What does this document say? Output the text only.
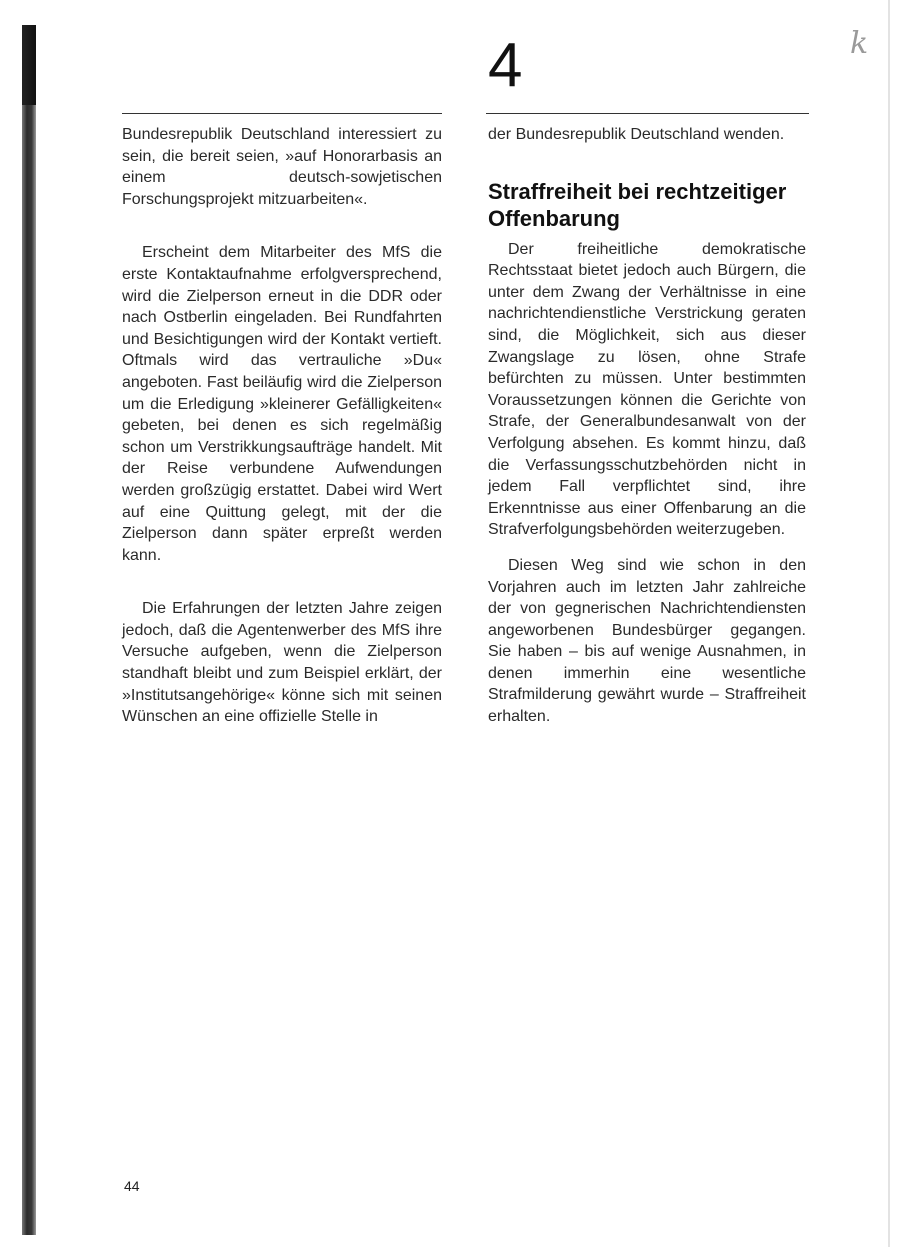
4	k

Bundesrepublik Deutschland interessiert zu sein, die bereit seien, »auf Honorarbasis an einem deutsch-sowjetischen Forschungsprojekt mitzuarbeiten«.

Erscheint dem Mitarbeiter des MfS die erste Kontaktaufnahme erfolgversprechend, wird die Zielperson erneut in die DDR oder nach Ostberlin eingeladen. Bei Rundfahrten und Besichtigungen wird der Kontakt vertieft. Oftmals wird das vertrauliche »Du« angeboten. Fast beiläufig wird die Zielperson um die Erledigung »kleinerer Gefälligkeiten« gebeten, bei denen es sich regelmäßig schon um Verstrikkungsaufträge handelt. Mit der Reise verbundene Aufwendungen werden großzügig erstattet. Dabei wird Wert auf eine Quittung gelegt, mit der die Zielperson dann später erpreßt werden kann.

Die Erfahrungen der letzten Jahre zeigen jedoch, daß die Agentenwerber des MfS ihre Versuche aufgeben, wenn die Zielperson standhaft bleibt und zum Beispiel erklärt, der »Institutsangehörige« könne sich mit seinen Wünschen an eine offizielle Stelle in

der Bundesrepublik Deutschland wenden.

Straffreiheit bei rechtzeitiger Offenbarung

Der freiheitliche demokratische Rechtsstaat bietet jedoch auch Bürgern, die unter dem Zwang der Verhältnisse in eine nachrichtendienstliche Verstrickung geraten sind, die Möglichkeit, sich aus dieser Zwangslage zu lösen, ohne Strafe befürchten zu müssen. Unter bestimmten Voraussetzungen können die Gerichte von Strafe, der Generalbundesanwalt von der Verfolgung absehen. Es kommt hinzu, daß die Verfassungsschutzbehörden nicht in jedem Fall verpflichtet sind, ihre Erkenntnisse aus einer Offenbarung an die Strafverfolgungsbehörden weiterzugeben.

Diesen Weg sind wie schon in den Vorjahren auch im letzten Jahr zahlreiche der von gegnerischen Nachrichtendiensten angeworbenen Bundesbürger gegangen. Sie haben – bis auf wenige Ausnahmen, in denen immerhin eine wesentliche Strafmilderung gewährt wurde – Straffreiheit erhalten.

44
